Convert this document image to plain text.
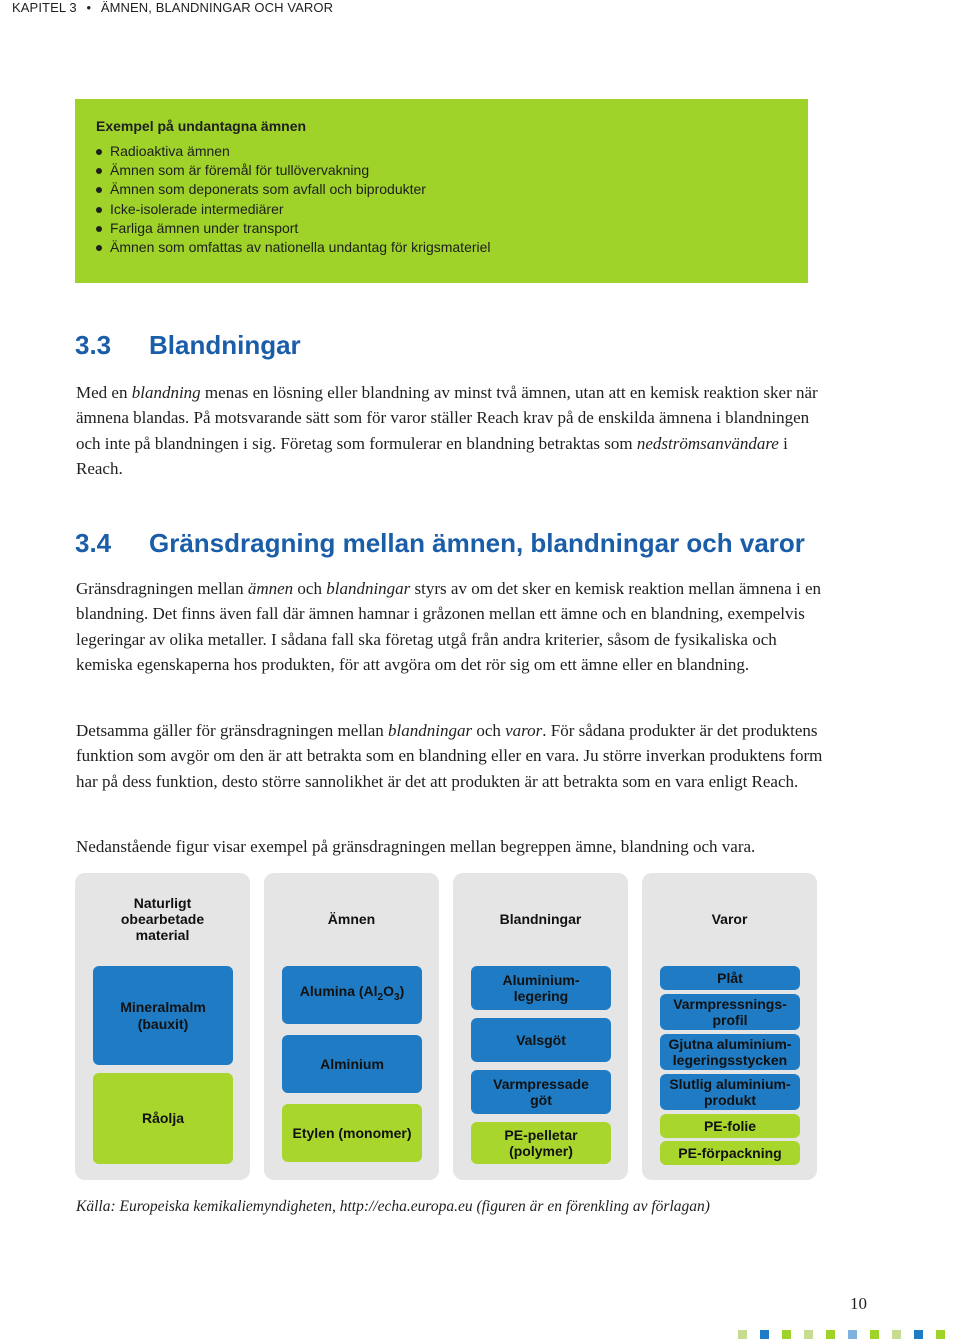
KAPITEL 3 • ÄMNEN, BLANDNINGAR OCH VAROR
Exempel på undantagna ämnen
Radioaktiva ämnen
Ämnen som är föremål för tullövervakning
Ämnen som deponerats som avfall och biprodukter
Icke-isolerade intermediärer
Farliga ämnen under transport
Ämnen som omfattas av nationella undantag för krigsmateriel
3.3 Blandningar

Med en blandning menas en lösning eller blandning av minst två ämnen, utan att en kemisk reaktion sker när ämnena blandas. På motsvarande sätt som för varor ställer Reach krav på de enskilda ämnena i blandningen och inte på blandningen i sig. Företag som formulerar en blandning betraktas som nedströmsanvändare i Reach.

3.4 Gränsdragning mellan ämnen, blandningar och varor

Gränsdragningen mellan ämnen och blandningar styrs av om det sker en kemisk reaktion mellan ämnena i en blandning. Det finns även fall där ämnen hamnar i gråzonen mellan ett ämne och en blandning, exempelvis legeringar av olika metaller. I sådana fall ska företag utgå från andra kriterier, såsom de fysikaliska och kemiska egenskaperna hos produkten, för att avgöra om det rör sig om ett ämne eller en blandning.

Detsamma gäller för gränsdragningen mellan blandningar och varor. För sådana produkter är det produktens funktion som avgör om den är att betrakta som en blandning eller en vara. Ju större inverkan produktens form har på dess funktion, desto större sannolikhet är det att produkten är att betrakta som en vara enligt Reach.

Nedanstående figur visar exempel på gränsdragningen mellan begreppen ämne, blandning och vara.

Naturligt obearbetade material
Mineralmalm (bauxit)
Råolja
Ämnen
Alumina $(Al_2O_3)$
Alminium
Etylen (monomer)
Blandningar
Aluminium-legering
Valsgöt
Varmpressade göt
PE-pelletar (polymer)
Varor
Plåt
Varmpressnings-profil
Gjutna aluminium-legeringsstycken
Slutlig aluminium-produkt
PE-folie
PE-förpackning

Källa: Europeiska kemikaliemyndigheten, http://echa.europa.eu (figuren är en förenkling av förlagan)

10
